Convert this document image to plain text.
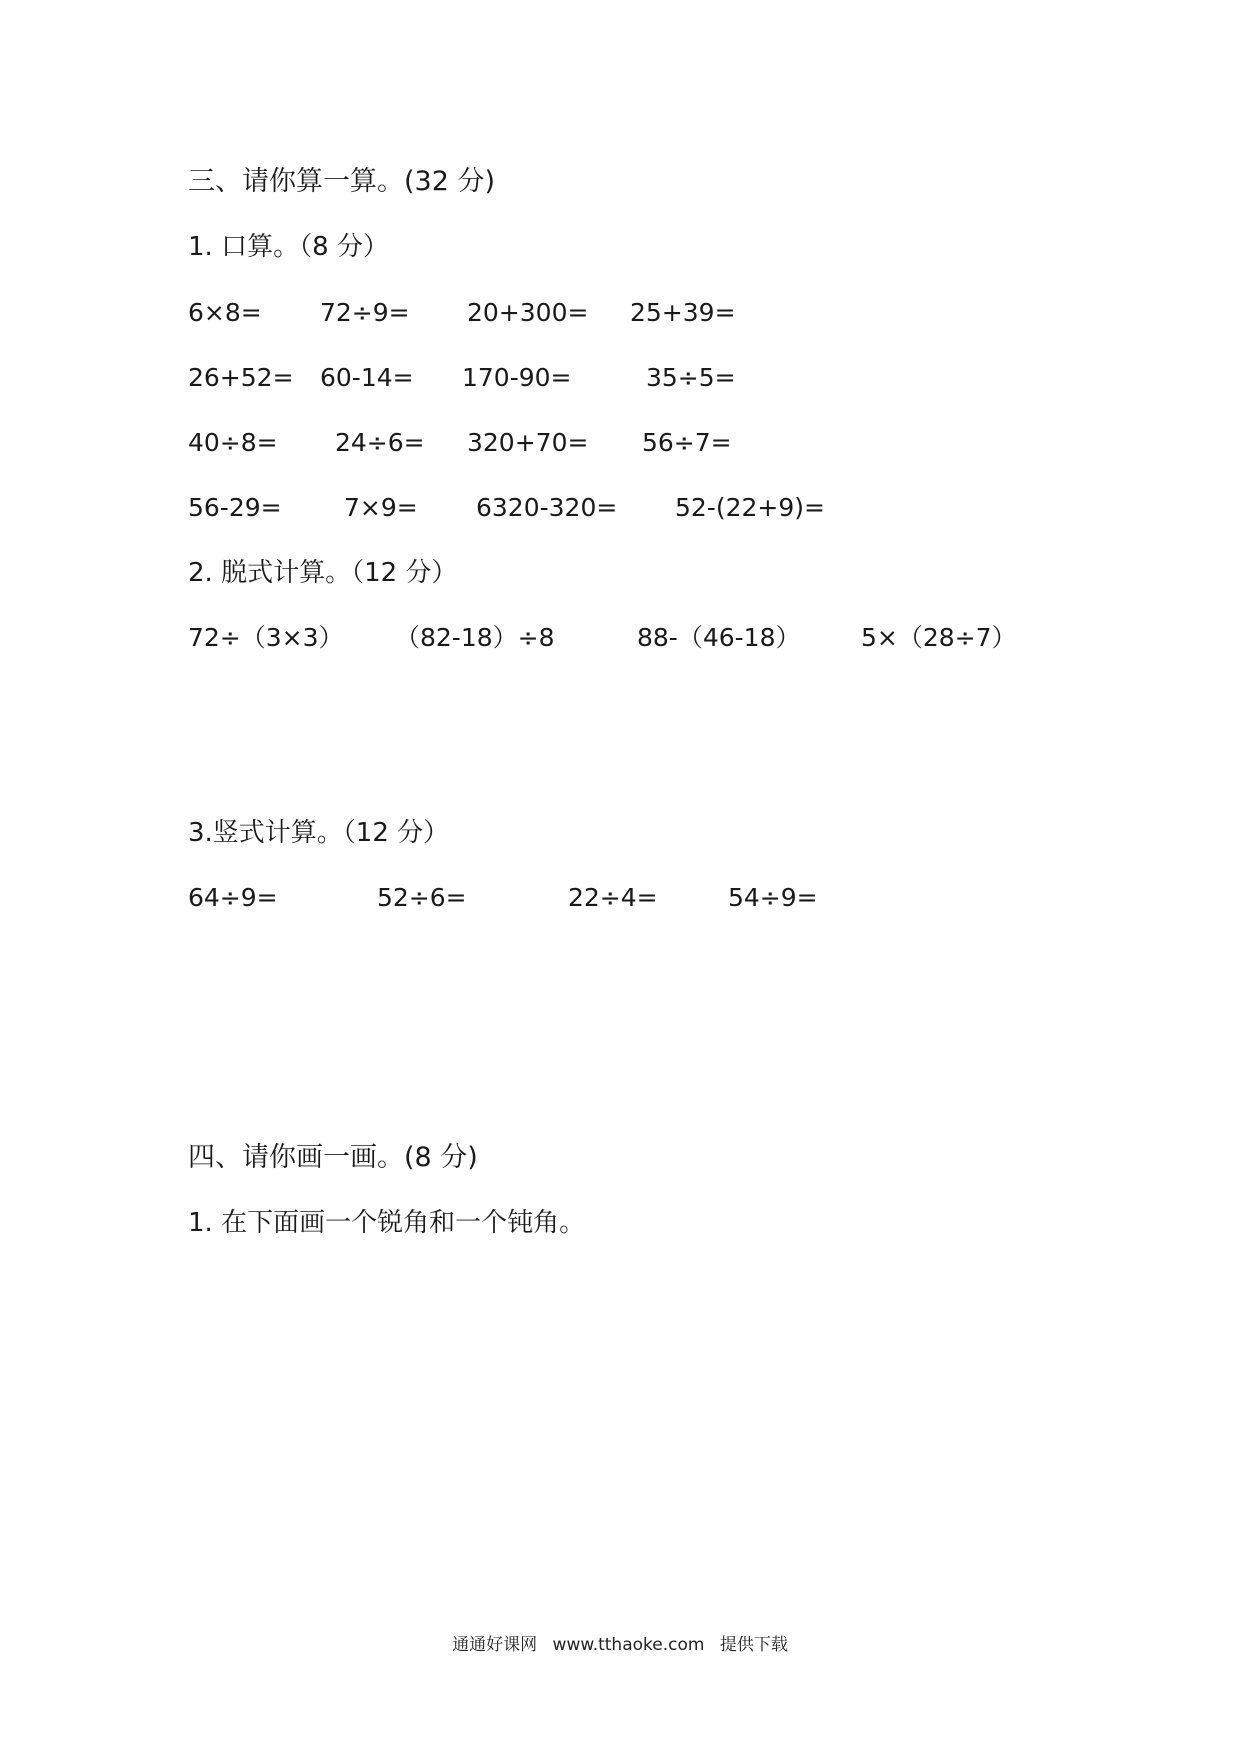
三、请你算一算。(32 分)
1. 口算。（8 分）
6×8= 72÷9= 20+300= 25+39=
26+52= 60-14= 170-90=	35÷5=
40÷8= 24÷6= 320+70= 56÷7=
56-29= 7×9= 6320-320= 52-(22+9)=
2. 脱式计算。（12 分）
72÷（3×3） （82-18）÷8	88-（46-18） 5×（28÷7）
3.竖式计算。（12 分）
64÷9=	52÷6=	22÷4=	54÷9=
四、请你画一画。(8 分)
1. 在下面画一个锐角和一个钝角。
通通好课网 www.tthaoke.com 提供下载
